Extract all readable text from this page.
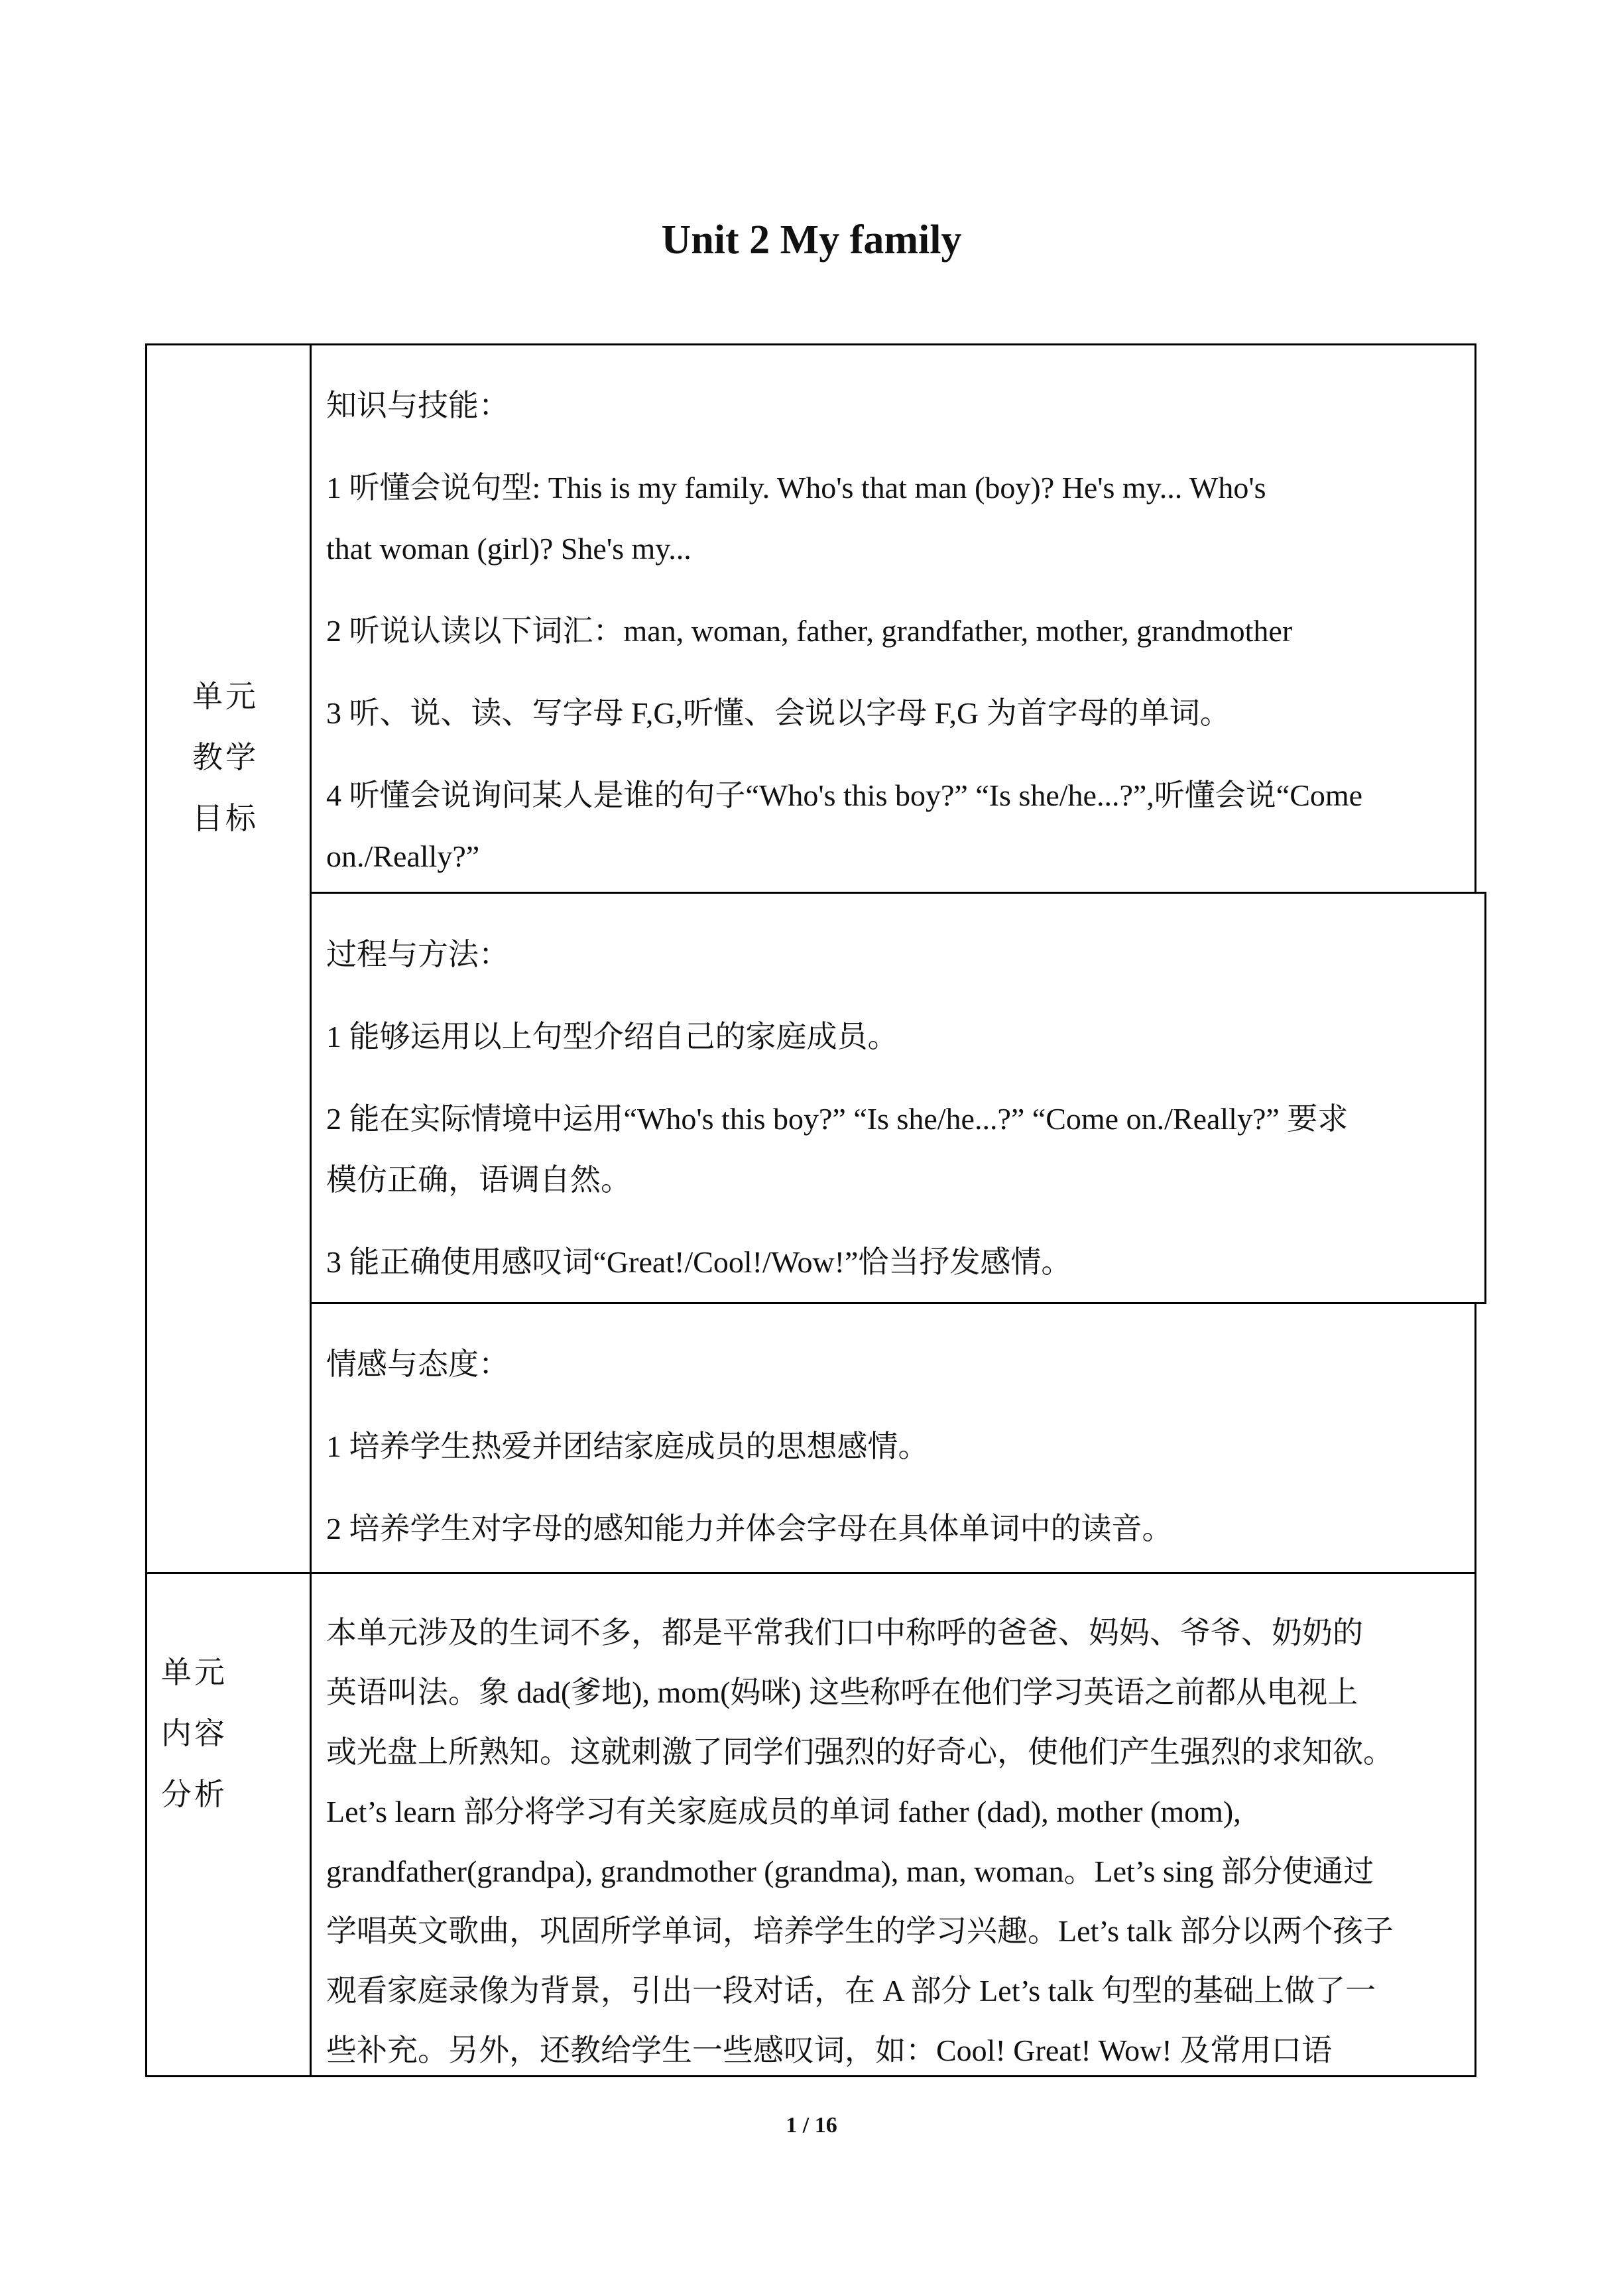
Unit 2 My family
单元
教学
目标

知识与技能：

1 听懂会说句型: This is my family. Who's that man (boy)? He's my... Who's

that woman (girl)? She's my...

2 听说认读以下词汇：man, woman, father, grandfather, mother, grandmother

3 听、说、读、写字母 F,G,听懂、会说以字母 F,G 为首字母的单词。

4 听懂会说询问某人是谁的句子“Who's this boy?” “Is she/he...?”,听懂会说“Come

on./Really?”

过程与方法：

1 能够运用以上句型介绍自己的家庭成员。

2 能在实际情境中运用“Who's this boy?” “Is she/he...?” “Come on./Really?” 要求

模仿正确，语调自然。

3 能正确使用感叹词“Great!/Cool!/Wow!”恰当抒发感情。

情感与态度：

1 培养学生热爱并团结家庭成员的思想感情。

2 培养学生对字母的感知能力并体会字母在具体单词中的读音。

单元
内容
分析

本单元涉及的生词不多，都是平常我们口中称呼的爸爸、妈妈、爷爷、奶奶的

英语叫法。象 dad(爹地), mom(妈咪) 这些称呼在他们学习英语之前都从电视上

或光盘上所熟知。这就刺激了同学们强烈的好奇心，使他们产生强烈的求知欲。

Let’s learn 部分将学习有关家庭成员的单词 father (dad), mother (mom),

grandfather(grandpa), grandmother (grandma), man, woman。Let’s sing 部分使通过

学唱英文歌曲，巩固所学单词，培养学生的学习兴趣。Let’s talk 部分以两个孩子

观看家庭录像为背景，引出一段对话，在 A 部分 Let’s talk 句型的基础上做了一

些补充。另外，还教给学生一些感叹词，如：Cool! Great! Wow! 及常用口语

1 / 16
